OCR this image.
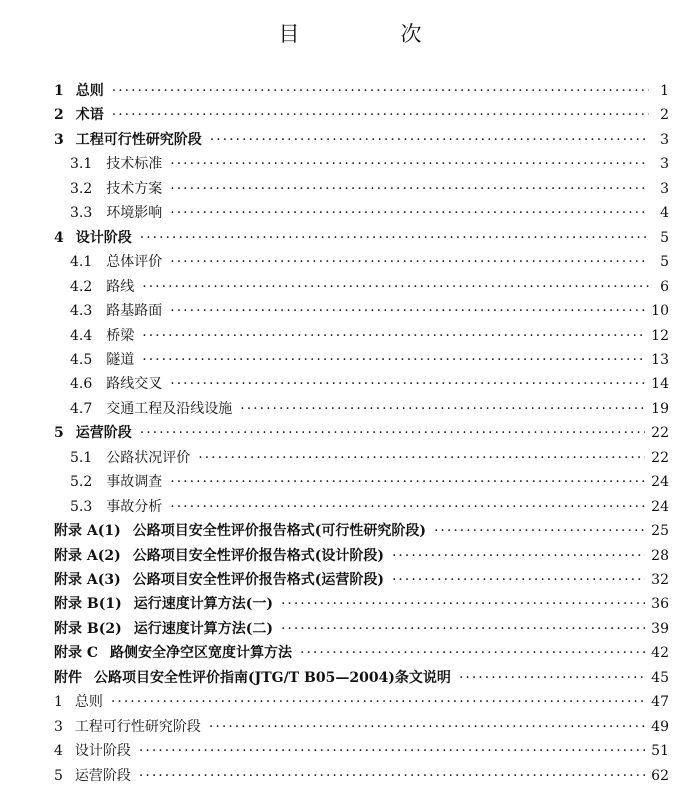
目　次
1 总则 ·····	1
2 术语 ·····	2
3 工程可行性研究阶段 ·····	3
3.1 技术标准 ·····	3
3.2 技术方案 ·····	3
3.3 环境影响 ·····	4
4 设计阶段 ·····	5
4.1 总体评价 ·····	5
4.2 路线 ·····	6
4.3 路基路面 ·····	10
4.4 桥梁 ·····	12
4.5 隧道 ·····	13
4.6 路线交叉 ·····	14
4.7 交通工程及沿线设施 ·····	19
5 运营阶段 ·····	22
5.1 公路状况评价 ·····	22
5.2 事故调查 ·····	24
5.3 事故分析 ·····	24
附录 A(1) 公路项目安全性评价报告格式(可行性研究阶段) ·····	25
附录 A(2) 公路项目安全性评价报告格式(设计阶段) ·····	28
附录 A(3) 公路项目安全性评价报告格式(运营阶段) ·····	32
附录 B(1) 运行速度计算方法(一) ·····	36
附录 B(2) 运行速度计算方法(二) ·····	39
附录 C 路侧安全净空区宽度计算方法 ·····	42
附件 公路项目安全性评价指南(JTG/T B05—2004)条文说明 ·····	45
1 总则 ·····	47
3 工程可行性研究阶段 ·····	49
4 设计阶段 ·····	51
5 运营阶段 ·····	62
